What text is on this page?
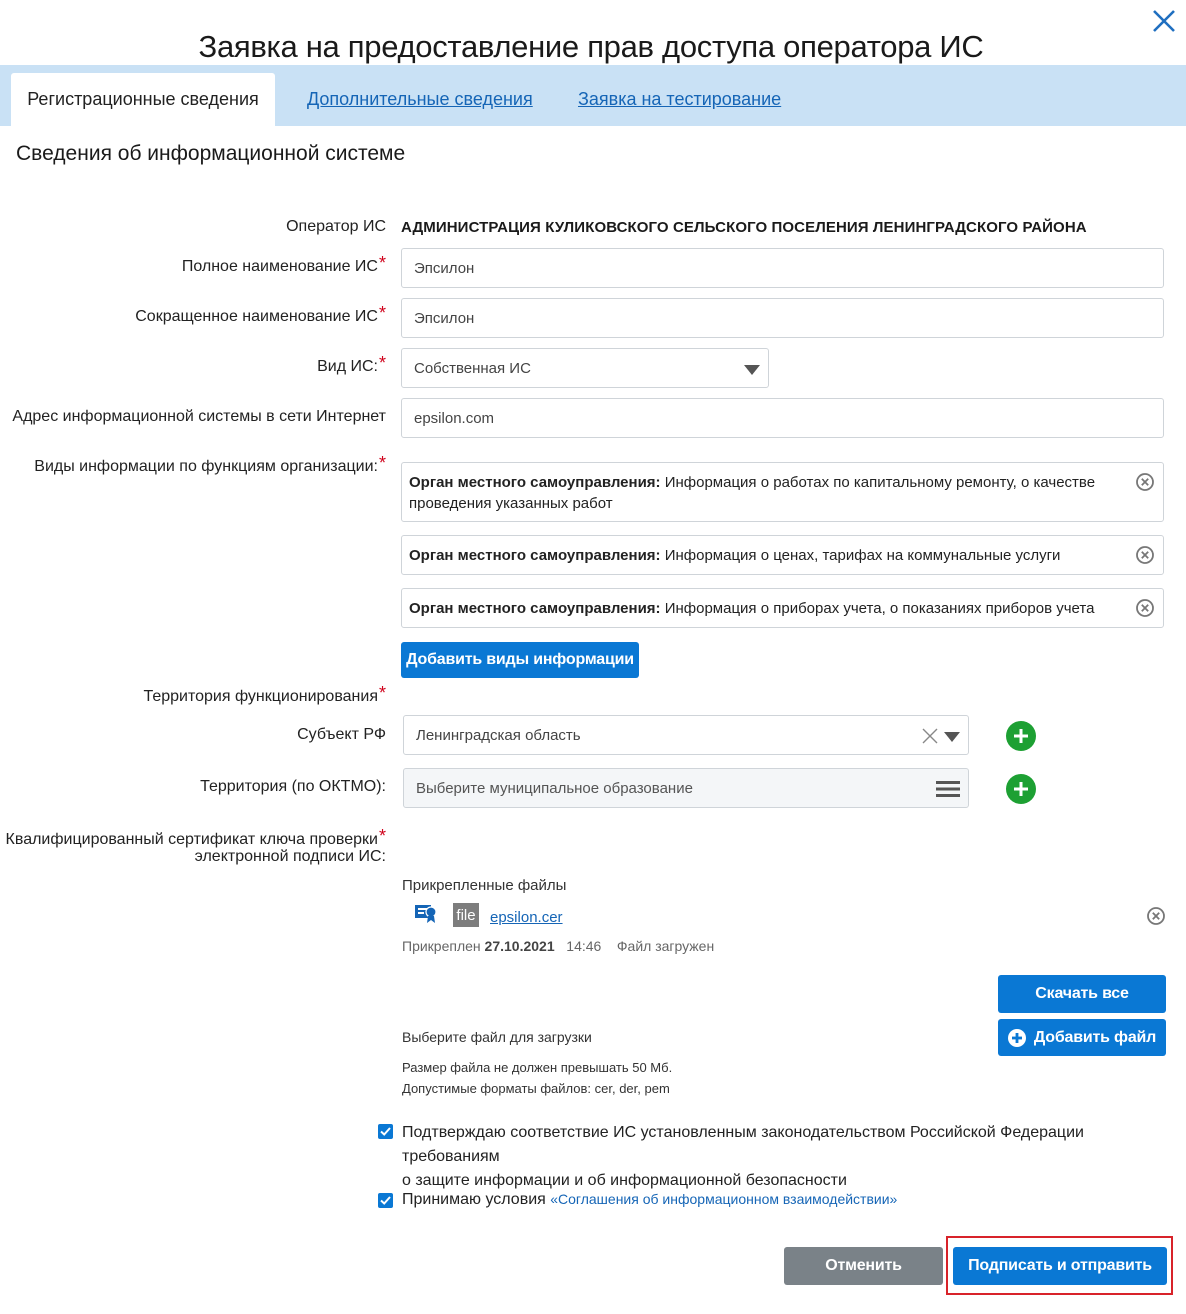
Заявка на предоставление прав доступа оператора ИС
Регистрационные сведения	Дополнительные сведения	Заявка на тестирование
Сведения об информационной системе
Оператор ИС АДМИНИСТРАЦИЯ КУЛИКОВСКОГО СЕЛЬСКОГО ПОСЕЛЕНИЯ ЛЕНИНГРАДСКОГО РАЙОНА
Полное наименование ИС*	Эпсилон
Сокращенное наименование ИС*	Эпсилон
Вид ИС:* Собственная ИС
Адрес информационной системы в сети Интернет	epsilon.com
Виды информации по функциям организации:*
Орган местного самоуправления: Информация о работах по капитальному ремонту, о качестве проведения указанных работ
Орган местного самоуправления: Информация о ценах, тарифах на коммунальные услуги
Орган местного самоуправления: Информация о приборах учета, о показаниях приборов учета
Добавить виды информации
Территория функционирования*
Субъект РФ Ленинградская область
Территория (по ОКТМО): Выберите муниципальное образование
Квалифицированный сертификат ключа проверки*
электронной подписи ИС:
Прикрепленные файлы
file epsilon.cer
Прикреплен 27.10.2021 14:46 Файл загружен
Скачать все
Добавить файл
Выберите файл для загрузки
Размер файла не должен превышать 50 Мб.
Допустимые форматы файлов: cer, der, pem
Подтверждаю соответствие ИС установленным законодательством Российской Федерации требованиям
о защите информации и об информационной безопасности
Принимаю условия «Соглашения об информационном взаимодействии»
Отменить	Подписать и отправить
